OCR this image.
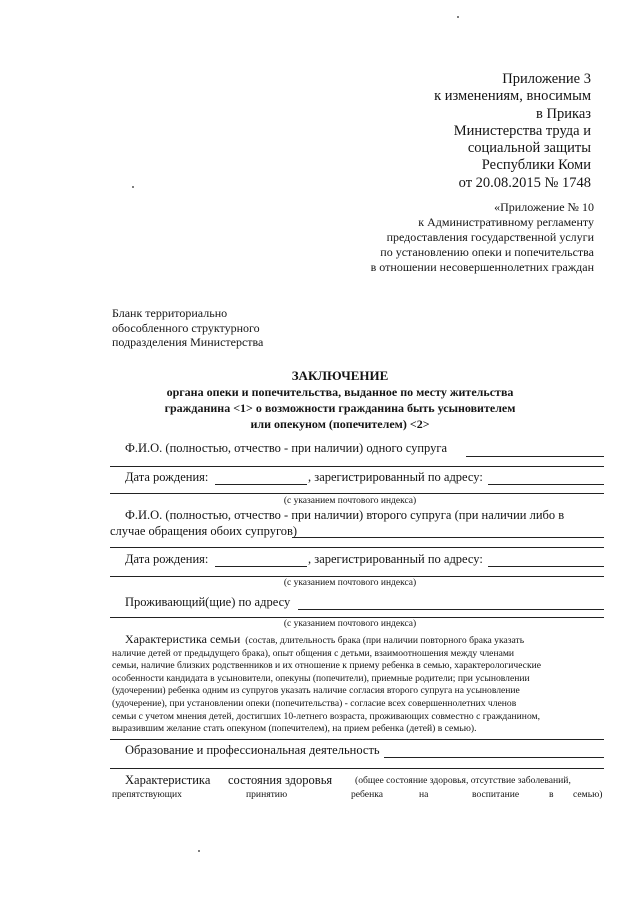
Приложение 3
к изменениям, вносимым
в Приказ
Министерства труда и
социальной защиты
Республики Коми
от 20.08.2015 № 1748
«Приложение № 10
к Административному регламенту
предоставления государственной услуги
по установлению опеки и попечительства
в отношении несовершеннолетних граждан
Бланк территориально
обособленного структурного
подразделения Министерства
ЗАКЛЮЧЕНИЕ
органа опеки и попечительства, выданное по месту жительства
гражданина <1> о возможности гражданина быть усыновителем
или опекуном (попечителем) <2>
Ф.И.О. (полностью, отчество - при наличии) одного супруга
Дата рождения:	, зарегистрированный по адресу:
(с указанием почтового индекса)
Ф.И.О. (полностью, отчество - при наличии) второго супруга (при наличии либо в
случае обращения обоих супругов)
Дата рождения:	, зарегистрированный по адресу:
(с указанием почтового индекса)
Проживающий(щие) по адресу
(с указанием почтового индекса)
Характеристика семьи (состав, длительность брака (при наличии повторного брака указать
наличие детей от предыдущего брака), опыт общения с детьми, взаимоотношения между членами
семьи, наличие близких родственников и их отношение к приему ребенка в семью, характерологические
особенности кандидата в усыновители, опекуны (попечители), приемные родители; при усыновлении
(удочерении) ребенка одним из супругов указать наличие согласия второго супруга на усыновление
(удочерение), при установлении опеки (попечительства) - согласие всех совершеннолетних членов
семьи с учетом мнения детей, достигших 10-летнего возраста, проживающих совместно с гражданином,
выразившим желание стать опекуном (попечителем), на прием ребенка (детей) в семью).
Образование и профессиональная деятельность
Характеристика состояния здоровья (общее состояние здоровья, отсутствие заболеваний,
препятствующих	принятию	ребенка	на	воспитание	в семью)
